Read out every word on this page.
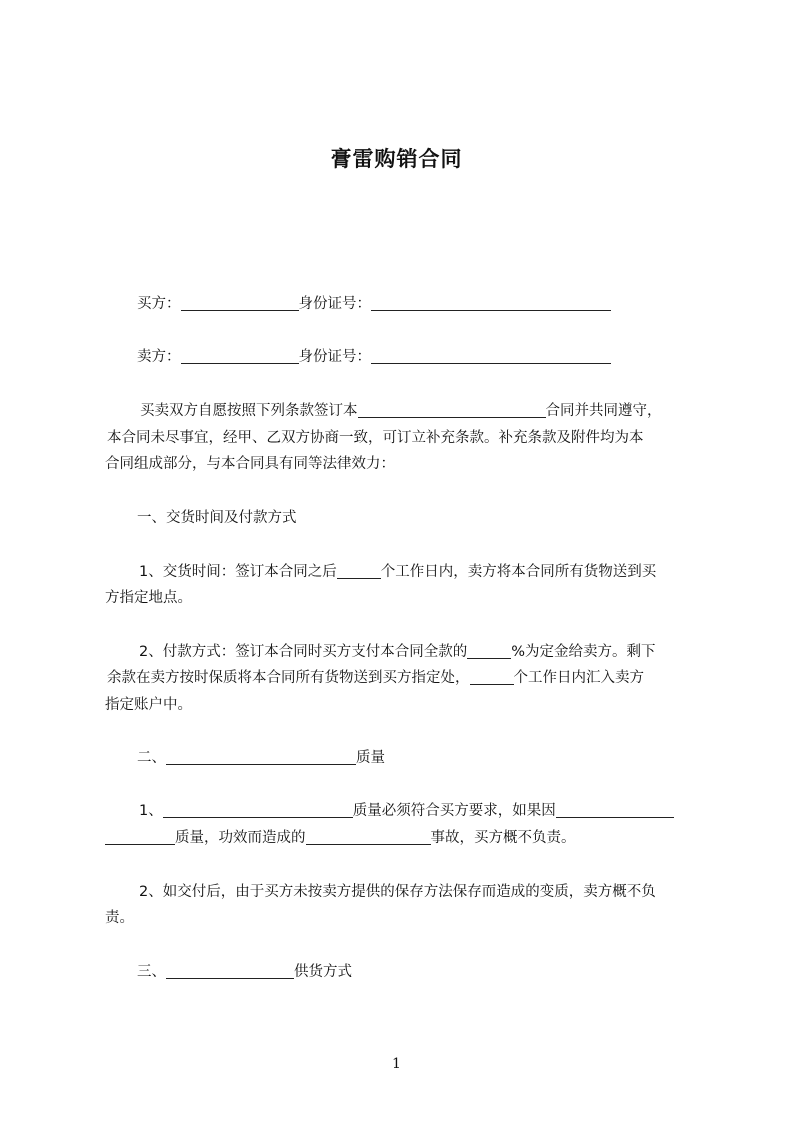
膏雷购销合同
买方：	身份证号：
卖方：	身份证号：
买卖双方自愿按照下列条款签订本	合同并共同遵守，
本合同未尽事宜，经甲、乙双方协商一致，可订立补充条款。补充条款及附件均为本
合同组成部分，与本合同具有同等法律效力：
一、交货时间及付款方式
1、交货时间：签订本合同之后	个工作日内，卖方将本合同所有货物送到买
方指定地点。
2、付款方式：签订本合同时买方支付本合同全款的	%为定金给卖方。剩下
余款在卖方按时保质将本合同所有货物送到买方指定处，	个工作日内汇入卖方
指定账户中。
二、	质量
1、	质量必须符合买方要求，如果因
质量，功效而造成的	事故，买方概不负责。
2、如交付后，由于买方未按卖方提供的保存方法保存而造成的变质，卖方概不负
责。
三、	供货方式
1
